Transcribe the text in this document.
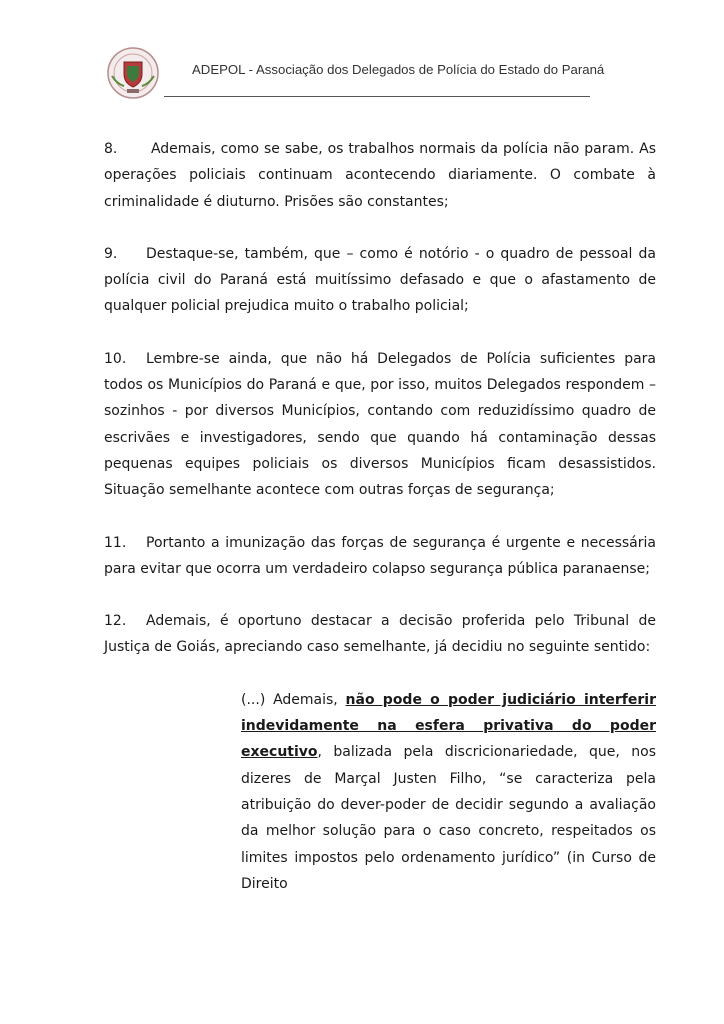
ADEPOL - Associação dos Delegados de Polícia do Estado do Paraná

8. Ademais, como se sabe, os trabalhos normais da polícia não param. As operações policiais continuam acontecendo diariamente. O combate à criminalidade é diuturno. Prisões são constantes;

9. Destaque-se, também, que – como é notório - o quadro de pessoal da polícia civil do Paraná está muitíssimo defasado e que o afastamento de qualquer policial prejudica muito o trabalho policial;

10. Lembre-se ainda, que não há Delegados de Polícia suficientes para todos os Municípios do Paraná e que, por isso, muitos Delegados respondem – sozinhos - por diversos Municípios, contando com reduzidíssimo quadro de escrivães e investigadores, sendo que quando há contaminação dessas pequenas equipes policiais os diversos Municípios ficam desassistidos. Situação semelhante acontece com outras forças de segurança;

11. Portanto a imunização das forças de segurança é urgente e necessária para evitar que ocorra um verdadeiro colapso segurança pública paranaense;

12. Ademais, é oportuno destacar a decisão proferida pelo Tribunal de Justiça de Goiás, apreciando caso semelhante, já decidiu no seguinte sentido:

(...) Ademais, não pode o poder judiciário interferir indevidamente na esfera privativa do poder executivo, balizada pela discricionariedade, que, nos dizeres de Marçal Justen Filho, “se caracteriza pela atribuição do dever-poder de decidir segundo a avaliação da melhor solução para o caso concreto, respeitados os limites impostos pelo ordenamento jurídico” (in Curso de Direito
